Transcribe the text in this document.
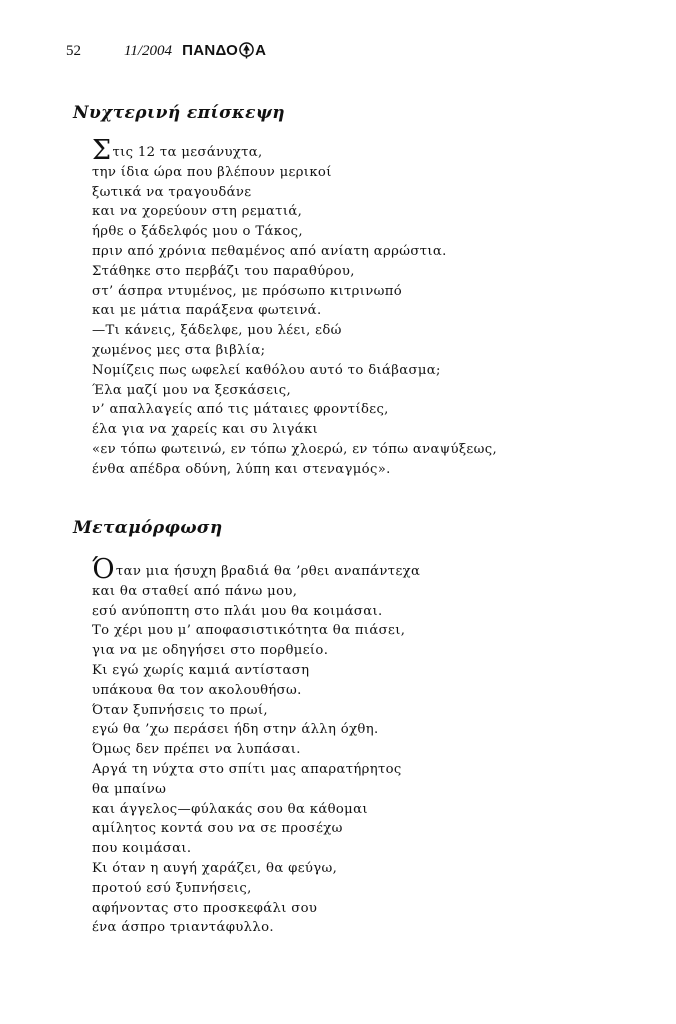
52	11/2004 ΠΑΝΔΟ Α
Νυχτερινή επίσκεψη
Στις 12 τα μεσάνυχτα,
την ίδια ώρα που βλέπουν μερικοί
ξωτικά να τραγουδάνε
και να χορεύουν στη ρεματιά,
ήρθε ο ξάδελφός μου ο Τάκος,
πριν από χρόνια πεθαμένος από ανίατη αρρώστια.
Στάθηκε στο περβάζι του παραθύρου,
στ’ άσπρα ντυμένος, με πρόσωπο κιτρινωπό
και με μάτια παράξενα φωτεινά.
—Τι κάνεις, ξάδελφε, μου λέει, εδώ
χωμένος μες στα βιβλία;
Νομίζεις πως ωφελεί καθόλου αυτό το διάβασμα;
Έλα μαζί μου να ξεσκάσεις,
ν’ απαλλαγείς από τις μάταιες φροντίδες,
έλα για να χαρείς και συ λιγάκι
«εν τόπω φωτεινώ, εν τόπω χλοερώ, εν τόπω αναψύξεως,
ένθα απέδρα οδύνη, λύπη και στεναγμός».
Μεταμόρφωση
Όταν μια ήσυχη βραδιά θα ’ρθει αναπάντεχα
και θα σταθεί από πάνω μου,
εσύ ανύποπτη στο πλάι μου θα κοιμάσαι.
Το χέρι μου μ’ αποφασιστικότητα θα πιάσει,
για να με οδηγήσει στο πορθμείο.
Κι εγώ χωρίς καμιά αντίσταση
υπάκουα θα τον ακολουθήσω.
Όταν ξυπνήσεις το πρωί,
εγώ θα ’χω περάσει ήδη στην άλλη όχθη.
Όμως δεν πρέπει να λυπάσαι.
Αργά τη νύχτα στο σπίτι μας απαρατήρητος
θα μπαίνω
και άγγελος—φύλακάς σου θα κάθομαι
αμίλητος κοντά σου να σε προσέχω
που κοιμάσαι.
Κι όταν η αυγή χαράζει, θα φεύγω,
προτού εσύ ξυπνήσεις,
αφήνοντας στο προσκεφάλι σου
ένα άσπρο τριαντάφυλλο.
